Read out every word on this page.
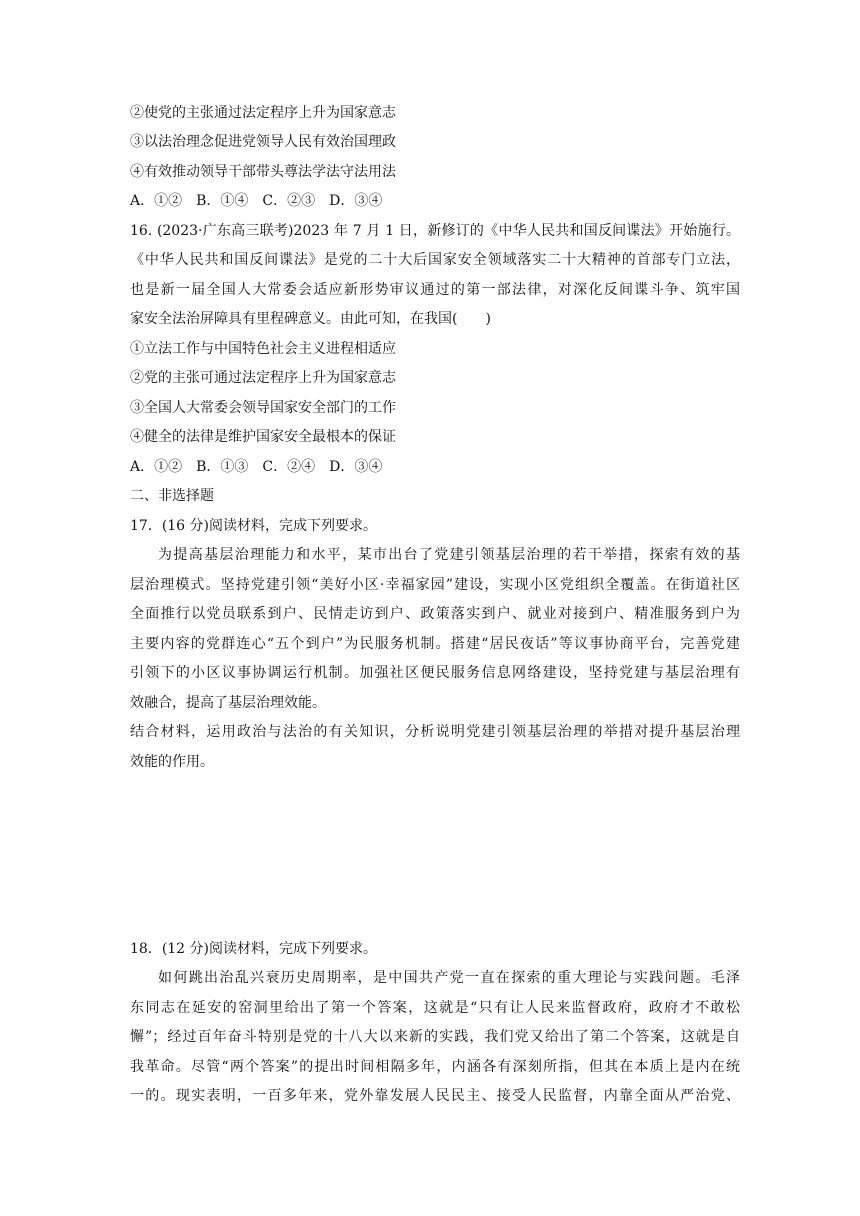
②使党的主张通过法定程序上升为国家意志
③以法治理念促进党领导人民有效治国理政
④有效推动领导干部带头尊法学法守法用法
A．①②　B．①④　C．②③　D．③④
16. (2023·广东高三联考)2023 年 7 月 1 日，新修订的《中华人民共和国反间谍法》开始施行。
《中华人民共和国反间谍法》是党的二十大后国家安全领域落实二十大精神的首部专门立法，
也是新一届全国人大常委会适应新形势审议通过的第一部法律，对深化反间谍斗争、筑牢国
家安全法治屏障具有里程碑意义。由此可知，在我国(　　)
①立法工作与中国特色社会主义进程相适应
②党的主张可通过法定程序上升为国家意志
③全国人大常委会领导国家安全部门的工作
④健全的法律是维护国家安全最根本的保证
A．①②　B．①③　C．②④　D．③④
二、非选择题
17．(16 分)阅读材料，完成下列要求。
为提高基层治理能力和水平，某市出台了党建引领基层治理的若干举措，探索有效的基
层治理模式。坚持党建引领“美好小区·幸福家园”建设，实现小区党组织全覆盖。在街道社区
全面推行以党员联系到户、民情走访到户、政策落实到户、就业对接到户、精准服务到户为
主要内容的党群连心“五个到户”为民服务机制。搭建“居民夜话”等议事协商平台，完善党建
引领下的小区议事协调运行机制。加强社区便民服务信息网络建设，坚持党建与基层治理有
效融合，提高了基层治理效能。
结合材料，运用政治与法治的有关知识，分析说明党建引领基层治理的举措对提升基层治理
效能的作用。
18．(12 分)阅读材料，完成下列要求。
如何跳出治乱兴衰历史周期率，是中国共产党一直在探索的重大理论与实践问题。毛泽
东同志在延安的窑洞里给出了第一个答案，这就是“只有让人民来监督政府，政府才不敢松
懈”；经过百年奋斗特别是党的十八大以来新的实践，我们党又给出了第二个答案，这就是自
我革命。尽管“两个答案”的提出时间相隔多年，内涵各有深刻所指，但其在本质上是内在统
一的。现实表明，一百多年来，党外靠发展人民民主、接受人民监督，内靠全面从严治党、
